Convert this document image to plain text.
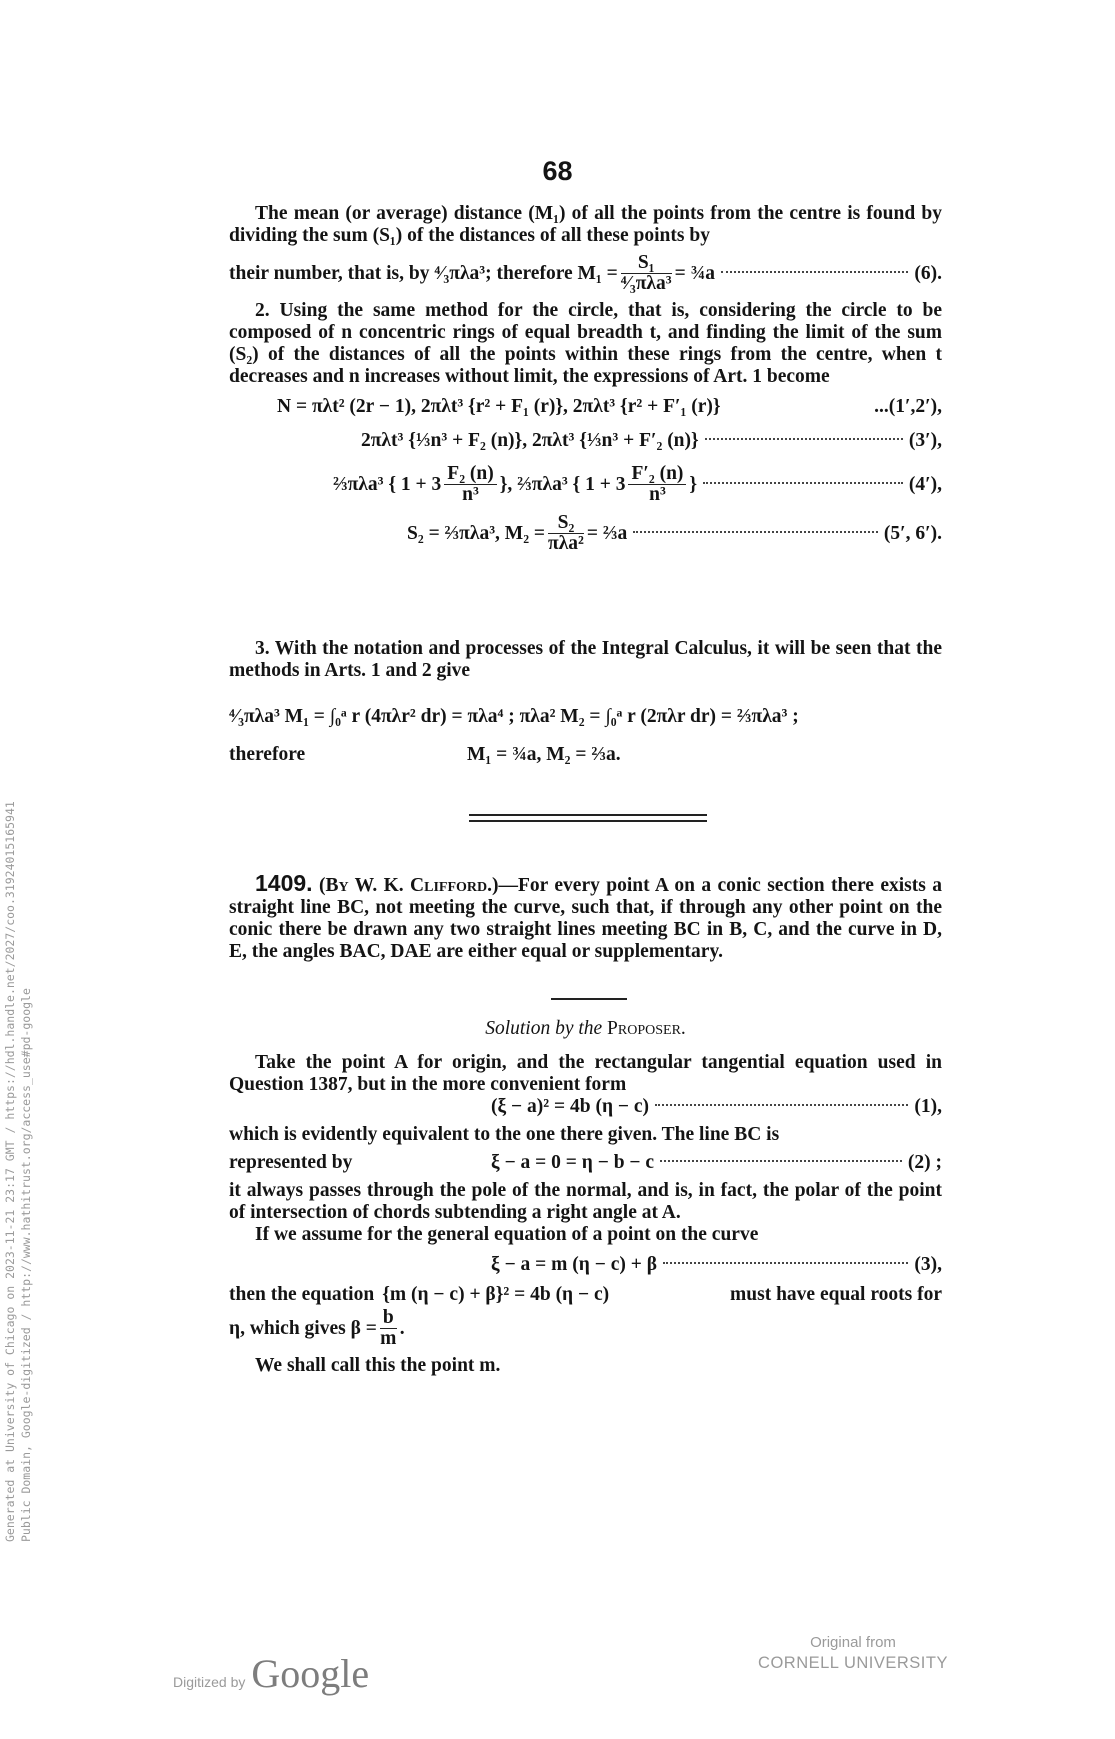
68

The mean (or average) distance (M₁) of all the points from the centre is found by dividing the sum (S₁) of the distances of all these points by

their number, that is, by ⁴⁄₃πλa³; therefore M₁ =	S₁
⁴⁄₃πλa³ = ¾a	(6).

2. Using the same method for the circle, that is, considering the circle to be composed of n concentric rings of equal breadth t, and finding the limit of the sum (S₂) of the distances of all the points within these rings from the centre, when t decreases and n increases without limit, the expressions of Art. 1 become

N = πλt² (2r − 1), 2πλt³ {r² + F₁ (r)}, 2πλt³ {r² + F′₁ (r)}	...(1′,2′),
2πλt³ {⅓n³ + F₂ (n)}, 2πλt³ {⅓n³ + F′₂ (n)}	(3′),
⅔πλa³ { $1 + 3 \frac{\text{F₂ (n)}}{\text{n³}}$ }, ⅔πλa³ { $1 + 3 \frac{\text{F′₂ (n)}}{\text{n³}}$ }	(4′),
S₂ = ⅔πλa³, M₂ = S₂
πλa² = ⅔a	(5′, 6′).

3. With the notation and processes of the Integral Calculus, it will be seen that the methods in Arts. 1 and 2 give

⁴⁄₃πλa³ M₁ = ∫₀ᵃ r (4πλr² dr) = πλa⁴ ; πλa² M₂ = ∫₀ᵃ r (2πλr dr) = ⅔πλa³ ;
therefore	M₁ = ¾a, M₂ = ⅔a.

1409. (By W. K. Clifford.)—For every point A on a conic section there exists a straight line BC, not meeting the curve, such that, if through any other point on the conic there be drawn any two straight lines meeting BC in B, C, and the curve in D, E, the angles BAC, DAE are either equal or supplementary.

Solution by the Proposer.

Take the point A for origin, and the rectangular tangential equation used in Question 1387, but in the more convenient form

(ξ − a)² = 4b (η − c)	(1),

which is evidently equivalent to the one there given. The line BC is

represented by	ξ − a = 0 = η − b − c	(2) ;

it always passes through the pole of the normal, and is, in fact, the polar of the point of intersection of chords subtending a right angle at A.

If we assume for the general equation of a point on the curve

ξ − a = m (η − c) + β	(3),
then the equation {m (η − c) + β}² = 4b (η − c)	must have equal roots for
η, which gives $\beta = \frac{b}{m}$ .

We shall call this the point m.

Generated at University of Chicago on 2023-11-21 23:17 GMT / https://hdl.handle.net/2027/coo.31924015165941 Public Domain, Google-digitized / http://www.hathitrust.org/access_use#pd-google
Digitized by Google
Original from
CORNELL UNIVERSITY
